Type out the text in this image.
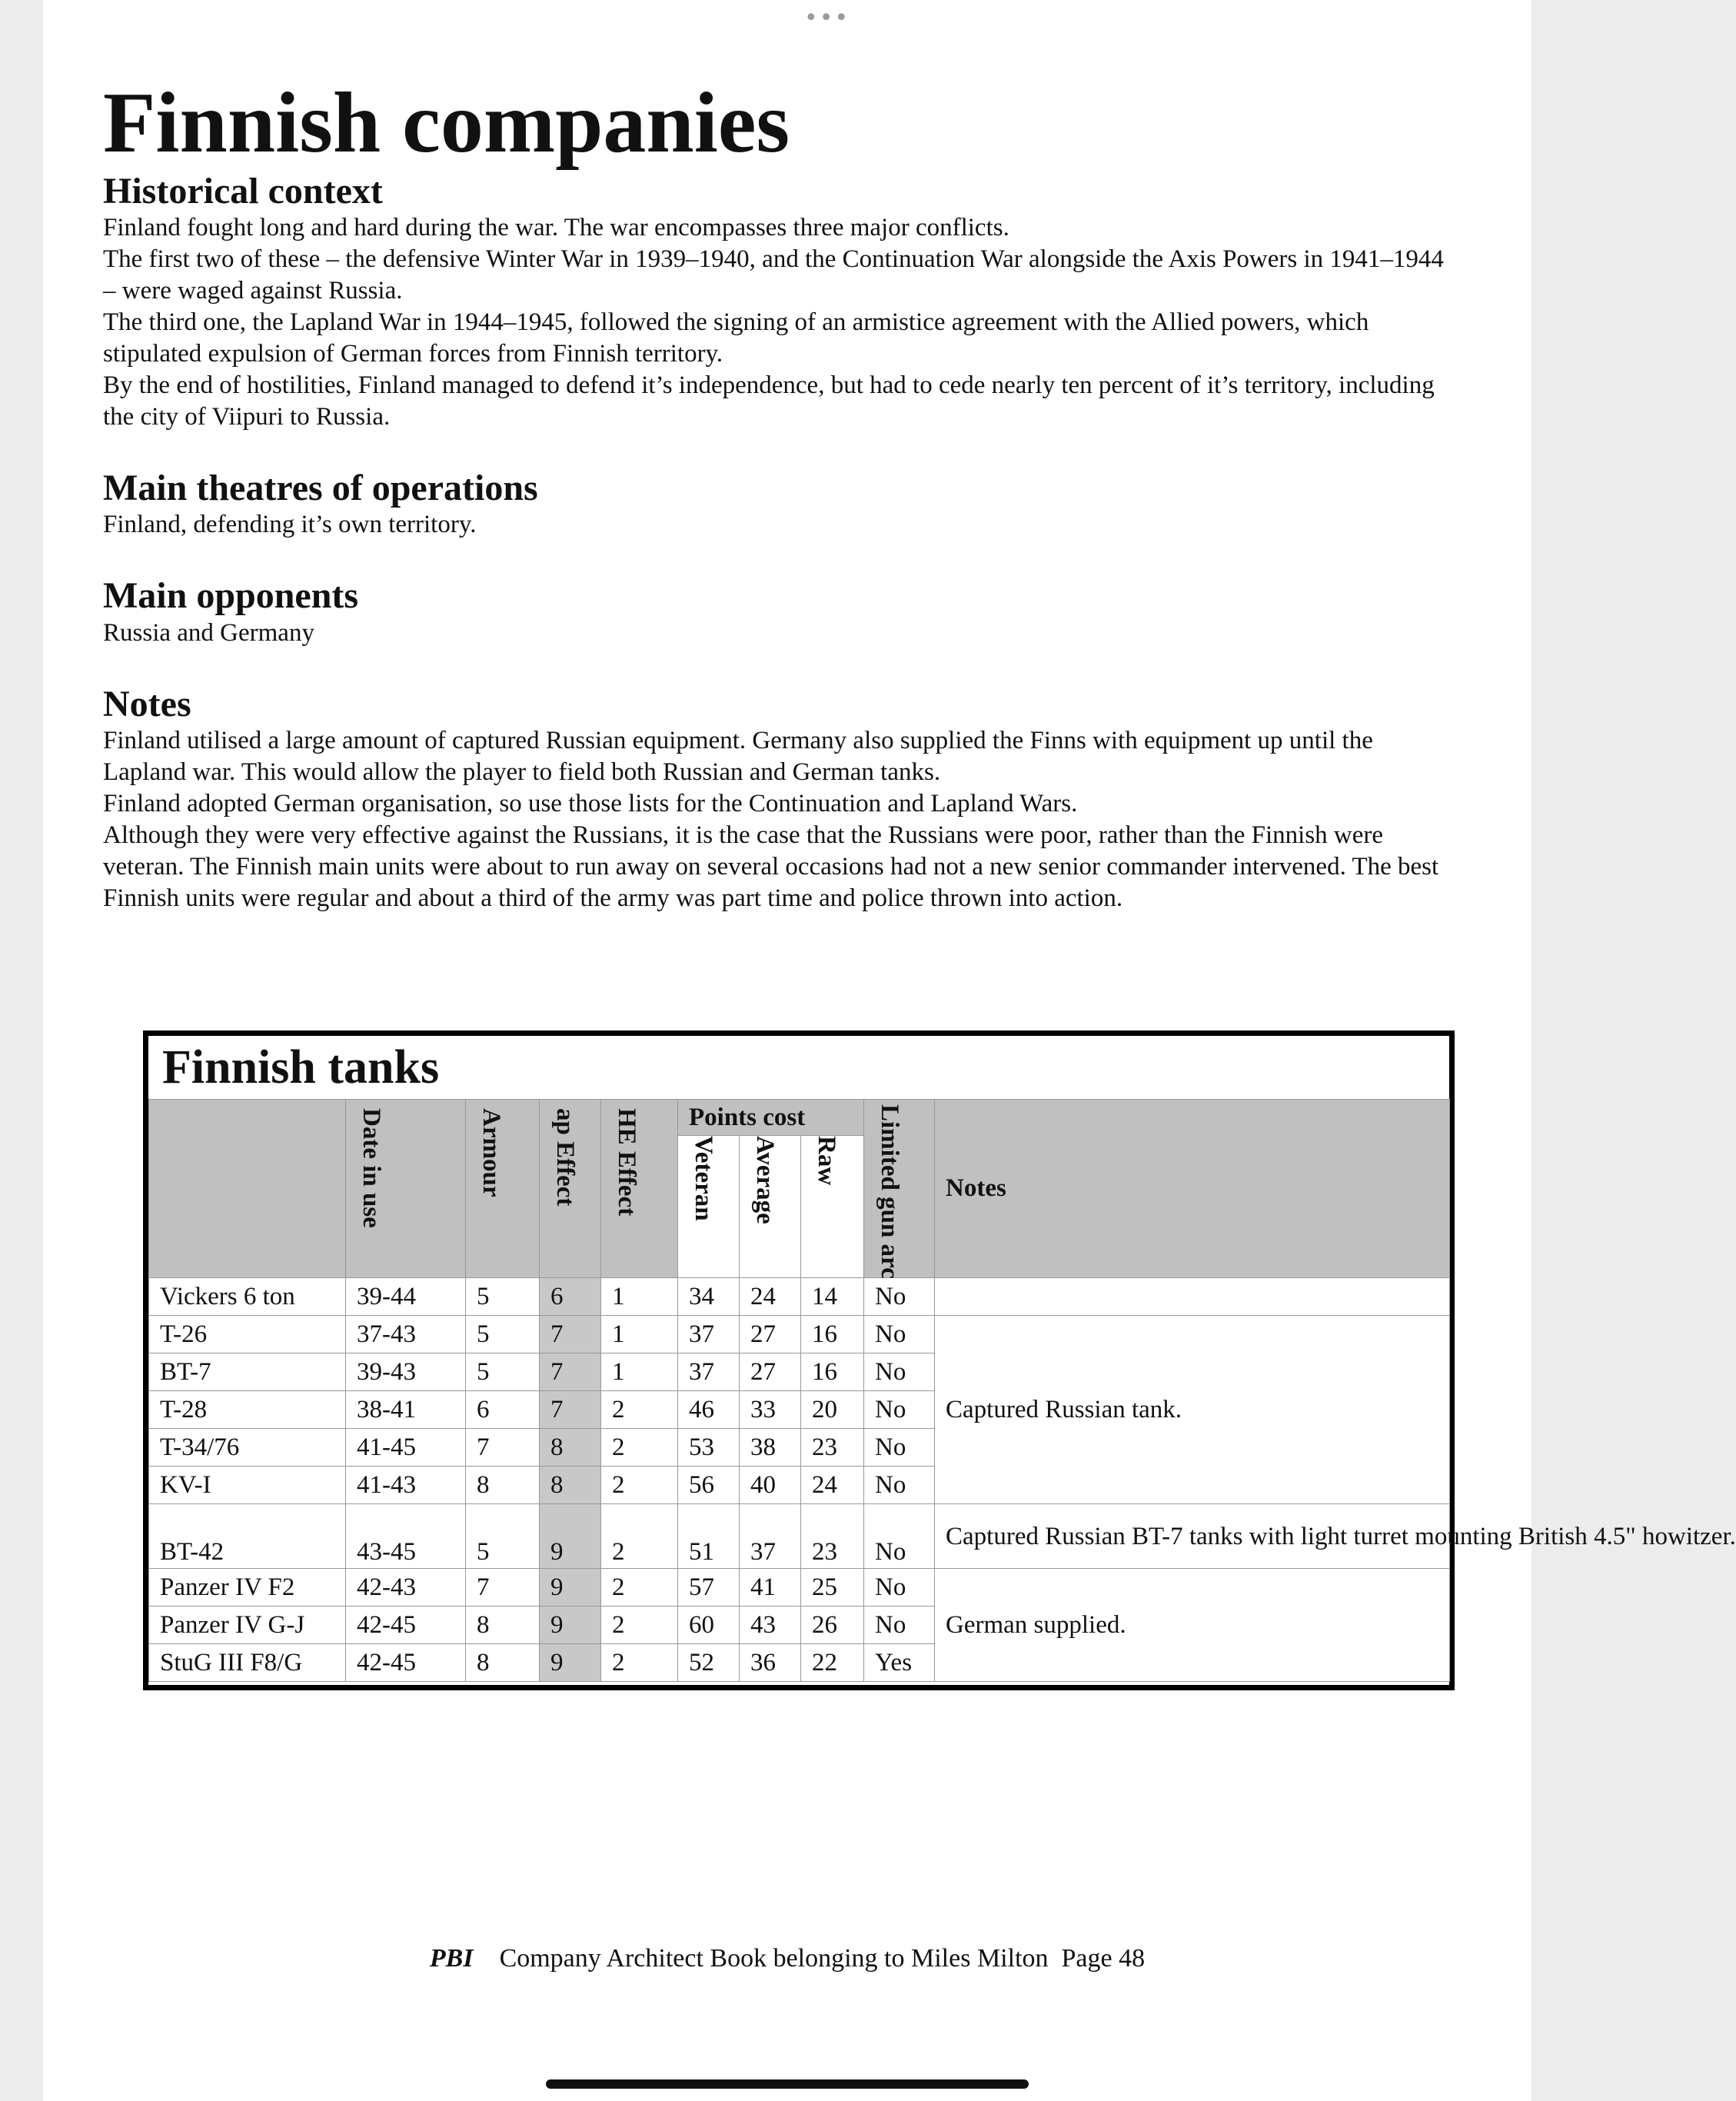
•••
Finnish companies
Historical context

Finland fought long and hard during the war. The war encompasses three major conflicts.

The first two of these – the defensive Winter War in 1939–1940, and the Continuation War alongside the Axis Powers in 1941–1944 – were waged against Russia.

The third one, the Lapland War in 1944–1945, followed the signing of an armistice agreement with the Allied powers, which stipulated expulsion of German forces from Finnish territory.

By the end of hostilities, Finland managed to defend it’s independence, but had to cede nearly ten percent of it’s territory, including the city of Viipuri to Russia.

Main theatres of operations

Finland, defending it’s own territory.

Main opponents

Russia and Germany

Notes

Finland utilised a large amount of captured Russian equipment. Germany also supplied the Finns with equipment up until the Lapland war. This would allow the player to field both Russian and German tanks.

Finland adopted German organisation, so use those lists for the Continuation and Lapland Wars.

Although they were very effective against the Russians, it is the case that the Russians were poor, rather than the Finnish were veteran. The Finnish main units were about to run away on several occasions had not a new senior commander intervened. The best Finnish units were regular and about a third of the army was part time and police thrown into action.

Finnish tanks
	Date in use	Armour	ap Effect	HE Effect	Points cost			Limited gun arc	Notes
					Veteran	Average	Raw		
Vickers 6 ton	39-44	5	6	1	34	24	14	No	
T-26	37-43	5	7	1	37	27	16	No	Captured Russian tank.
BT-7	39-43	5	7	1	37	27	16	No	
T-28	38-41	6	7	2	46	33	20	No	
T-34/76	41-45	7	8	2	53	38	23	No	
KV-I	41-43	8	8	2	56	40	24	No	
BT-42	43-45	5	9	2	51	37	23	No	Captured Russian BT-7 tanks with light turret mounting British 4.5" howitzer.
Panzer IV F2	42-43	7	9	2	57	41	25	No	German supplied.
Panzer IV G-J	42-45	8	9	2	60	43	26	No	
StuG III F8/G	42-45	8	9	2	52	36	22	Yes	
PBI Company Architect Book belonging to Miles Milton Page 48
